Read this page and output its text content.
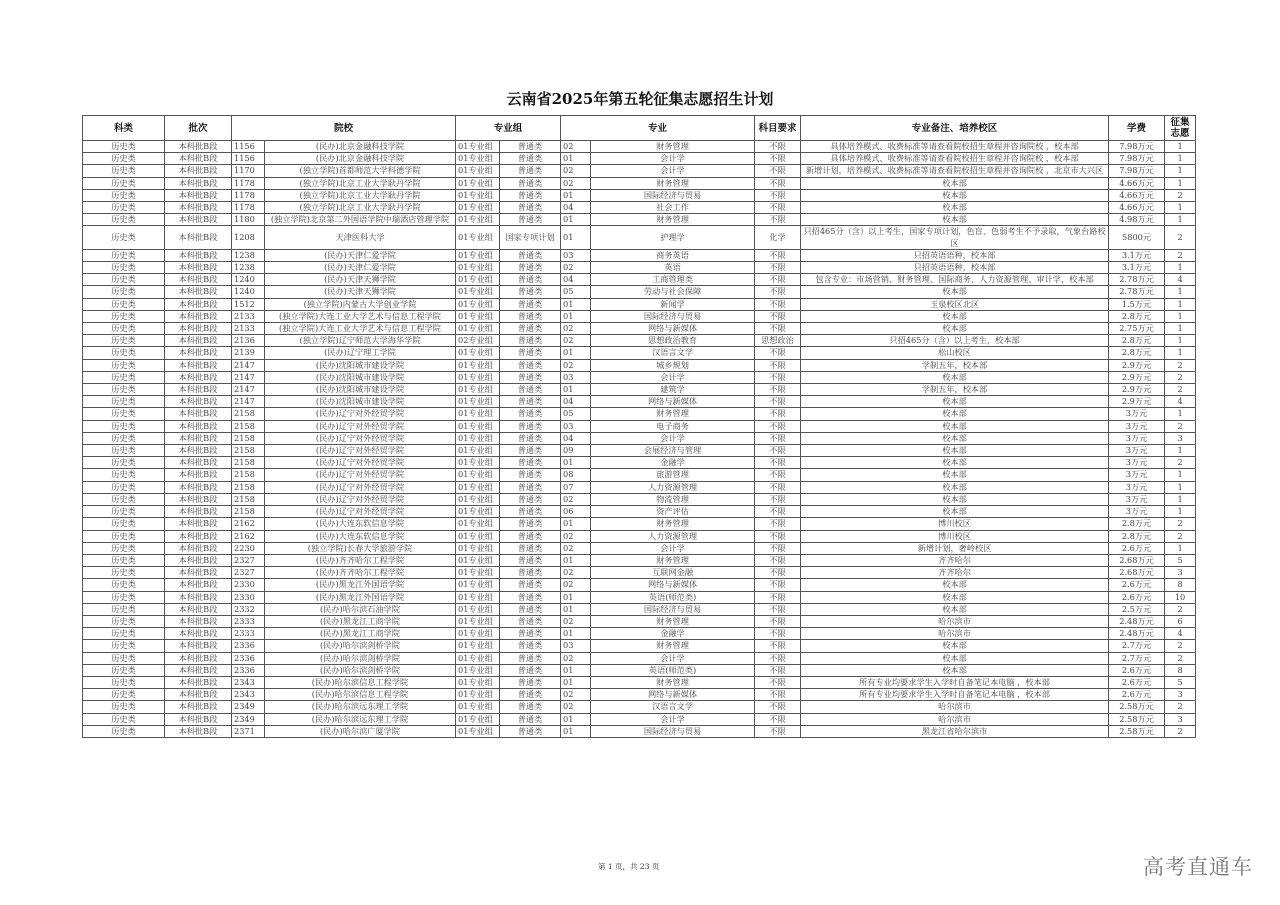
云南省2025年第五轮征集志愿招生计划
科类	批次	院校		专业组		专业		科目要求	专业备注、培养校区	学费	征集志愿
历史类	本科批B段	1156	(民办)北京金融科技学院	01专业组	普通类	02	财务管理	不限	具体培养模式、收费标准等请查看院校招生章程并咨询院校 ，校本部	7.98万元	1
历史类	本科批B段	1156	(民办)北京金融科技学院	01专业组	普通类	01	会计学	不限	具体培养模式、收费标准等请查看院校招生章程并咨询院校 ，校本部	7.98万元	1
历史类	本科批B段	1170	(独立学院)首都师范大学科德学院	01专业组	普通类	02	会计学	不限	新增计划，培养模式、收费标准等请查看院校招生章程并咨询院校 ，北京市大兴区	7.98万元	1
历史类	本科批B段	1178	(独立学院)北京工业大学耿丹学院	01专业组	普通类	02	财务管理	不限	校本部	4.66万元	1
历史类	本科批B段	1178	(独立学院)北京工业大学耿丹学院	01专业组	普通类	01	国际经济与贸易	不限	校本部	4.66万元	2
历史类	本科批B段	1178	(独立学院)北京工业大学耿丹学院	01专业组	普通类	04	社会工作	不限	校本部	4.66万元	1
历史类	本科批B段	1180	(独立学院)北京第二外国语学院中瑞酒店管理学院	01专业组	普通类	01	财务管理	不限	校本部	4.98万元	1
历史类	本科批B段	1208	天津医科大学	01专业组	国家专项计划	01	护理学	化学	只招465分（含）以上考生，国家专项计划，色盲、色弱考生不予录取，气象台路校区	5800元	2
历史类	本科批B段	1238	(民办)天津仁爱学院	01专业组	普通类	03	商务英语	不限	只招英语语种，校本部	3.1万元	2
历史类	本科批B段	1238	(民办)天津仁爱学院	01专业组	普通类	02	英语	不限	只招英语语种，校本部	3.1万元	1
历史类	本科批B段	1240	(民办)天津天狮学院	01专业组	普通类	04	工商管理类	不限	包含专业：市场营销、财务管理、国际商务、人力资源管理、审计学，校本部	2.78万元	4
历史类	本科批B段	1240	(民办)天津天狮学院	01专业组	普通类	05	劳动与社会保障	不限	校本部	2.78万元	1
历史类	本科批B段	1512	(独立学院)内蒙古大学创业学院	01专业组	普通类	01	新闻学	不限	玉泉校区北区	1.5万元	1
历史类	本科批B段	2133	(独立学院)大连工业大学艺术与信息工程学院	01专业组	普通类	01	国际经济与贸易	不限	校本部	2.8万元	1
历史类	本科批B段	2133	(独立学院)大连工业大学艺术与信息工程学院	01专业组	普通类	02	网络与新媒体	不限	校本部	2.75万元	1
历史类	本科批B段	2136	(独立学院)辽宁师范大学海华学院	02专业组	普通类	02	思想政治教育	思想政治	只招465分（含）以上考生，校本部	2.8万元	1
历史类	本科批B段	2139	(民办)辽宁理工学院	01专业组	普通类	01	汉语言文学	不限	松山校区	2.8万元	1
历史类	本科批B段	2147	(民办)沈阳城市建设学院	01专业组	普通类	02	城乡规划	不限	学制五年，校本部	2.9万元	2
历史类	本科批B段	2147	(民办)沈阳城市建设学院	01专业组	普通类	03	会计学	不限	校本部	2.9万元	2
历史类	本科批B段	2147	(民办)沈阳城市建设学院	01专业组	普通类	01	建筑学	不限	学制五年，校本部	2.9万元	2
历史类	本科批B段	2147	(民办)沈阳城市建设学院	01专业组	普通类	04	网络与新媒体	不限	校本部	2.9万元	4
历史类	本科批B段	2158	(民办)辽宁对外经贸学院	01专业组	普通类	05	财务管理	不限	校本部	3万元	1
历史类	本科批B段	2158	(民办)辽宁对外经贸学院	01专业组	普通类	03	电子商务	不限	校本部	3万元	2
历史类	本科批B段	2158	(民办)辽宁对外经贸学院	01专业组	普通类	04	会计学	不限	校本部	3万元	3
历史类	本科批B段	2158	(民办)辽宁对外经贸学院	01专业组	普通类	09	会展经济与管理	不限	校本部	3万元	1
历史类	本科批B段	2158	(民办)辽宁对外经贸学院	01专业组	普通类	01	金融学	不限	校本部	3万元	2
历史类	本科批B段	2158	(民办)辽宁对外经贸学院	01专业组	普通类	08	旅游管理	不限	校本部	3万元	1
历史类	本科批B段	2158	(民办)辽宁对外经贸学院	01专业组	普通类	07	人力资源管理	不限	校本部	3万元	1
历史类	本科批B段	2158	(民办)辽宁对外经贸学院	01专业组	普通类	02	物流管理	不限	校本部	3万元	1
历史类	本科批B段	2158	(民办)辽宁对外经贸学院	01专业组	普通类	06	资产评估	不限	校本部	3万元	1
历史类	本科批B段	2162	(民办)大连东软信息学院	01专业组	普通类	01	财务管理	不限	博川校区	2.8万元	2
历史类	本科批B段	2162	(民办)大连东软信息学院	01专业组	普通类	02	人力资源管理	不限	博川校区	2.8万元	2
历史类	本科批B段	2230	(独立学院)长春大学旅游学院	01专业组	普通类	02	会计学	不限	新增计划，奢岭校区	2.6万元	1
历史类	本科批B段	2327	(民办)齐齐哈尔工程学院	01专业组	普通类	01	财务管理	不限	齐齐哈尔	2.68万元	5
历史类	本科批B段	2327	(民办)齐齐哈尔工程学院	01专业组	普通类	02	互联网金融	不限	齐齐哈尔	2.68万元	3
历史类	本科批B段	2330	(民办)黑龙江外国语学院	01专业组	普通类	02	网络与新媒体	不限	校本部	2.6万元	8
历史类	本科批B段	2330	(民办)黑龙江外国语学院	01专业组	普通类	01	英语(师范类)	不限	校本部	2.6万元	10
历史类	本科批B段	2332	(民办)哈尔滨石油学院	01专业组	普通类	01	国际经济与贸易	不限	校本部	2.5万元	2
历史类	本科批B段	2333	(民办)黑龙江工商学院	01专业组	普通类	02	财务管理	不限	哈尔滨市	2.48万元	6
历史类	本科批B段	2333	(民办)黑龙江工商学院	01专业组	普通类	01	金融学	不限	哈尔滨市	2.48万元	4
历史类	本科批B段	2336	(民办)哈尔滨剑桥学院	01专业组	普通类	03	财务管理	不限	校本部	2.7万元	2
历史类	本科批B段	2336	(民办)哈尔滨剑桥学院	01专业组	普通类	02	会计学	不限	校本部	2.7万元	2
历史类	本科批B段	2336	(民办)哈尔滨剑桥学院	01专业组	普通类	01	英语(师范类)	不限	校本部	2.6万元	8
历史类	本科批B段	2343	(民办)哈尔滨信息工程学院	01专业组	普通类	01	财务管理	不限	所有专业均要求学生入学时自备笔记本电脑 ，校本部	2.6万元	5
历史类	本科批B段	2343	(民办)哈尔滨信息工程学院	01专业组	普通类	02	网络与新媒体	不限	所有专业均要求学生入学时自备笔记本电脑 ，校本部	2.6万元	3
历史类	本科批B段	2349	(民办)哈尔滨远东理工学院	01专业组	普通类	02	汉语言文学	不限	哈尔滨市	2.58万元	2
历史类	本科批B段	2349	(民办)哈尔滨远东理工学院	01专业组	普通类	01	会计学	不限	哈尔滨市	2.58万元	3
历史类	本科批B段	2371	(民办)哈尔滨广厦学院	01专业组	普通类	01	国际经济与贸易	不限	黑龙江省哈尔滨市	2.58万元	2
第 1 页，共 23 页	高考直通车
